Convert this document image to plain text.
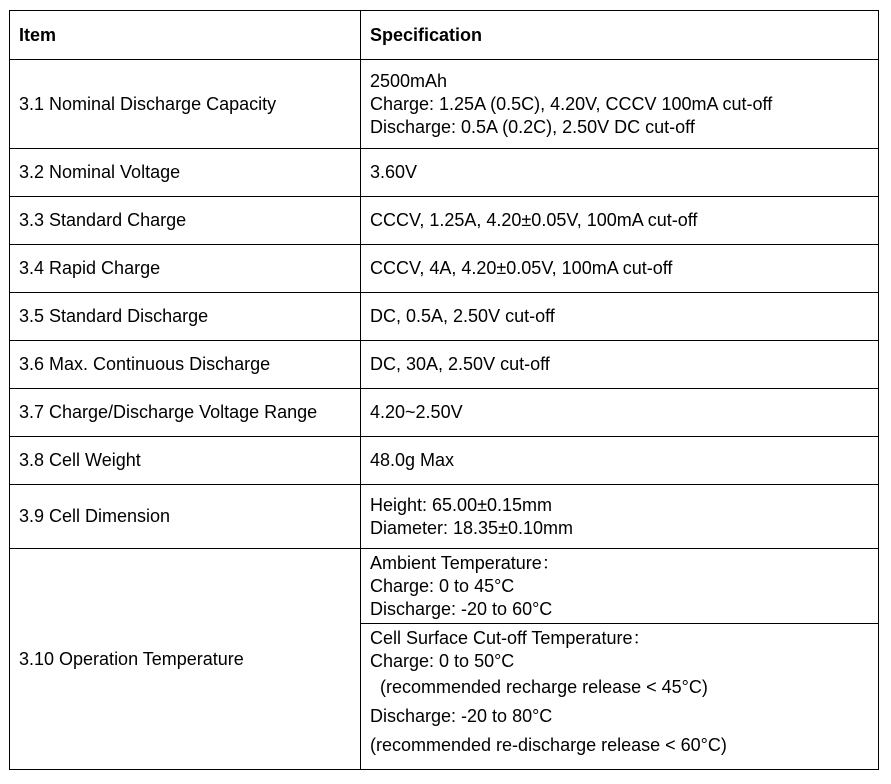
Item	Specification
3.1 Nominal Discharge Capacity	2500mAh
Charge: 1.25A (0.5C), 4.20V, CCCV 100mA cut-off
Discharge: 0.5A (0.2C), 2.50V DC cut-off

3.2 Nominal Voltage	3.60V
3.3 Standard Charge	CCCV, 1.25A, 4.20±0.05V, 100mA cut-off
3.4 Rapid Charge	CCCV, 4A, 4.20±0.05V, 100mA cut-off
3.5 Standard Discharge	DC, 0.5A, 2.50V cut-off
3.6 Max. Continuous Discharge	DC, 30A, 2.50V cut-off
3.7 Charge/Discharge Voltage Range	4.20~2.50V
3.8 Cell Weight	48.0g Max
3.9 Cell Dimension	Height: 65.00±0.15mm
Diameter: 18.35±0.10mm

3.10 Operation Temperature	Ambient Temperature：
Charge: 0 to 45°C
Discharge: -20 to 60°C

	Cell Surface Cut-off Temperature：
Charge: 0 to 50°C
(recommended recharge release < 45°C)
Discharge: -20 to 80°C
(recommended re-discharge release < 60°C)
